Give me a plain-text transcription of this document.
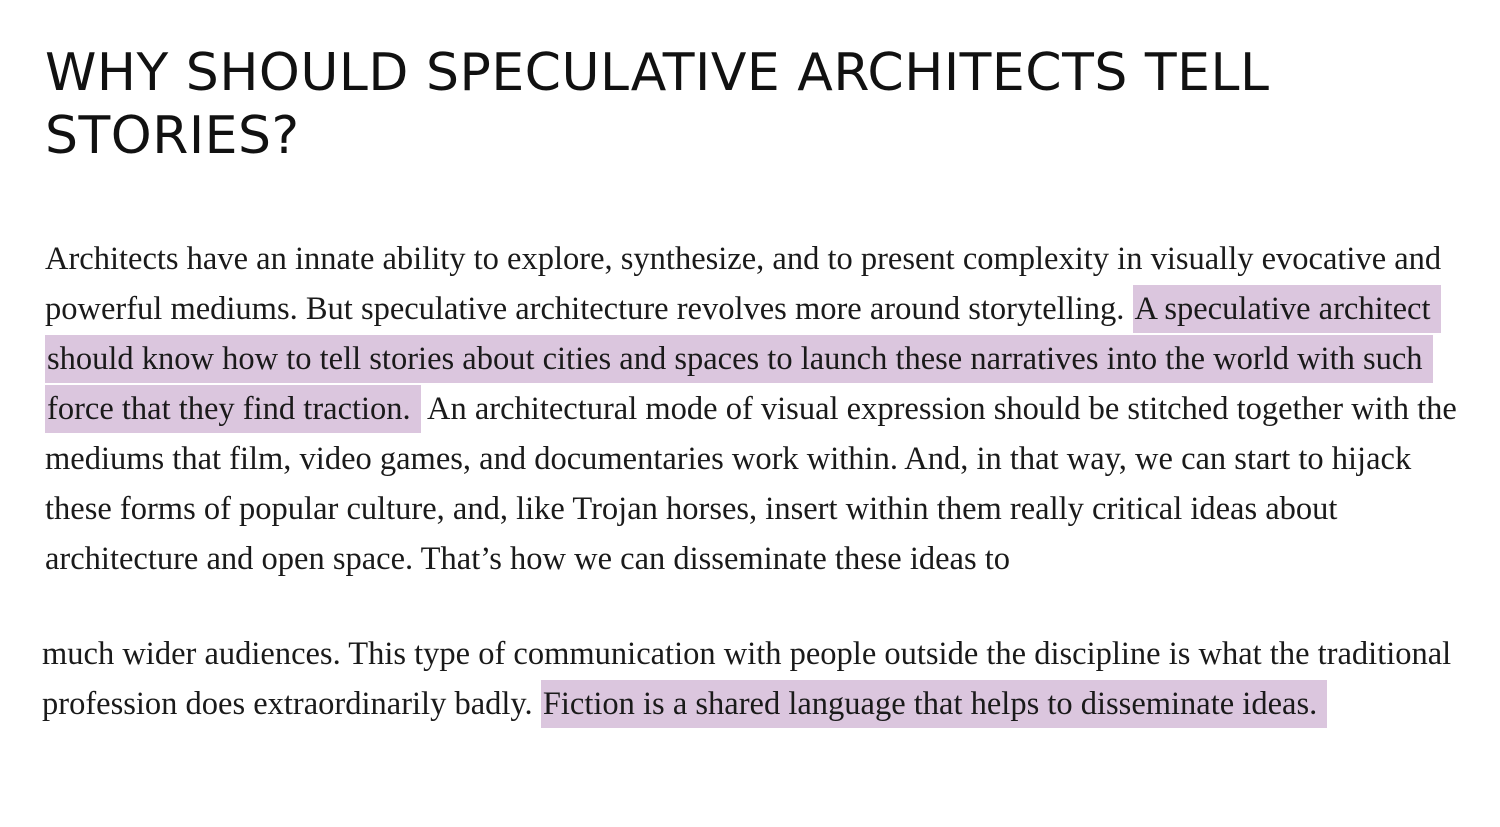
WHY SHOULD SPECULATIVE ARCHITECTS TELL STORIES?

Architects have an innate ability to explore, synthesize, and to present complexity in visually evocative and powerful mediums. But speculative architecture revolves more around storytelling. A speculative architect should know how to tell stories about cities and spaces to launch these narratives into the world with such force that they find traction. An architectural mode of visual expression should be stitched together with the mediums that film, video games, and documentaries work within. And, in that way, we can start to hijack these forms of popular culture, and, like Trojan horses, insert within them really critical ideas about architecture and open space. That’s how we can disseminate these ideas to

much wider audiences. This type of communication with people outside the discipline is what the traditional profession does extraordinarily badly. Fiction is a shared language that helps to disseminate ideas.
